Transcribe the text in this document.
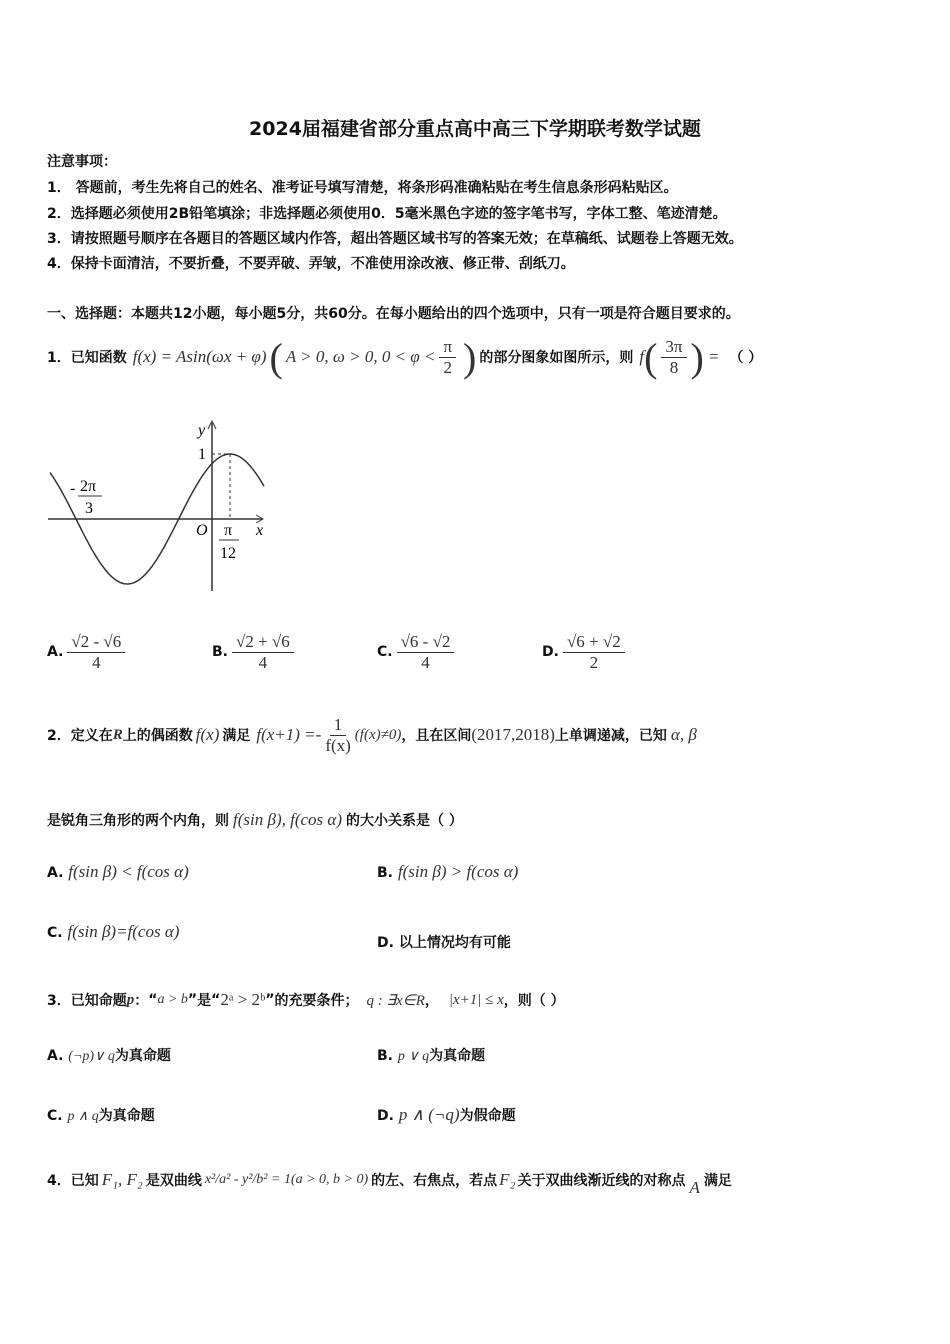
2024届福建省部分重点高中高三下学期联考数学试题
注意事项：
1． 答题前，考生先将自己的姓名、准考证号填写清楚，将条形码准确粘贴在考生信息条形码粘贴区。
2．选择题必须使用2B铅笔填涂；非选择题必须使用0．5毫米黑色字迹的签字笔书写，字体工整、笔迹清楚。
3．请按照题号顺序在各题目的答题区域内作答，超出答题区域书写的答案无效；在草稿纸、试题卷上答题无效。
4．保持卡面清洁，不要折叠，不要弄破、弄皱，不准使用涂改液、修正带、刮纸刀。
一、选择题：本题共12小题，每小题5分，共60分。在每小题给出的四个选项中，只有一项是符合题目要求的。
1．已知函数 f(x) = Asin(ωx + φ) ( A > 0, ω > 0, $0 < \varphi < \frac{\pi}{2}$ ) 的部分图象如图所示，则 f ( $\frac{3\pi}{8}$ ) = （ ）
y
x
1
O
- 2π
3
π
12
A. $\frac{√2 - √6}{4}$	B. $\frac{√2 + √6}{4}$	C. $\frac{√6 - √2}{4}$	D. $\frac{√6 + √2}{2}$
2．定义在 R 上的偶函数 f(x) 满足 $f(x+1) =- \frac{1}{f(x)} (f(x)\ne 0)$ ，且在区间 (2017,2018) 上单调递减，已知 α, β
是锐角三角形的两个内角，则 f(sin β), f(cos α) 的大小关系是（ ）
A. f(sin β) < f(cos α)	B. f(sin β) > f(cos α)
C. f(sin β)=f(cos α)
D. 以上情况均有可能
3．已知命题 p ： “ a > b ” 是 “ 2ᵃ > 2ᵇ ” 的充要条件； q : ∃x∈R ， |x+1| ≤ x ，则（ ）
A. (¬p)∨ q为真命题	B. p ∨ q为真命题
C. p ∧ q为真命题	D. p ∧ (¬q)为假命题
4．已知 F₁, F₂ 是双曲线 x²/a² - y²/b² = 1(a > 0, b > 0) 的左、右焦点，若点 F₂ 关于双曲线渐近线的对称点 A 满足
